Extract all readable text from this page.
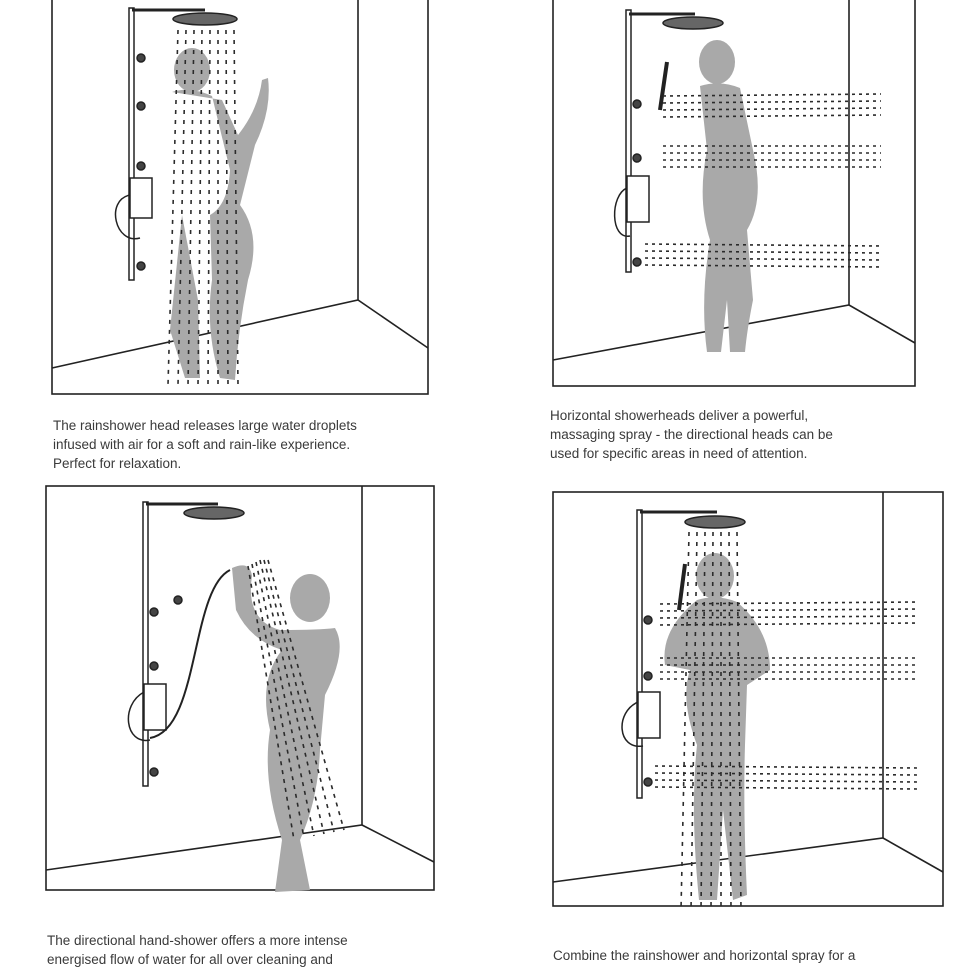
The rainshower head releases large water droplets
infused with air for a soft and rain-like experience.
Perfect for relaxation.

Horizontal showerheads deliver a powerful,
massaging spray - the directional heads can be
used for specific areas in need of attention.

The directional hand-shower offers a more intense
energised flow of water for all over cleaning and	Combine the rainshower and horizontal spray for a
